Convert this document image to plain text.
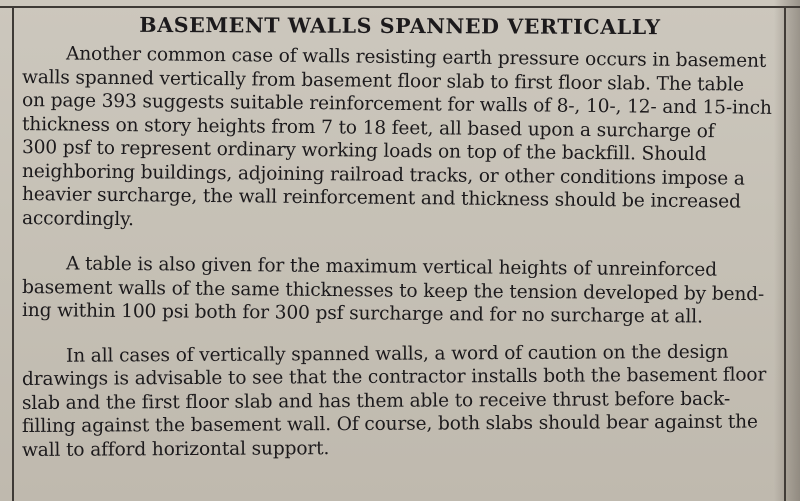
BASEMENT WALLS SPANNED VERTICALLY
Another common case of walls resisting earth pressure occurs in basement
walls spanned vertically from basement floor slab to first floor slab. The table
on page 393 suggests suitable reinforcement for walls of 8-, 10-, 12- and 15-inch
thickness on story heights from 7 to 18 feet, all based upon a surcharge of
300 psf to represent ordinary working loads on top of the backfill. Should
neighboring buildings, adjoining railroad tracks, or other conditions impose a
heavier surcharge, the wall reinforcement and thickness should be increased
accordingly.
A table is also given for the maximum vertical heights of unreinforced
basement walls of the same thicknesses to keep the tension developed by bend-
ing within 100 psi both for 300 psf surcharge and for no surcharge at all.
In all cases of vertically spanned walls, a word of caution on the design
drawings is advisable to see that the contractor installs both the basement floor
slab and the first floor slab and has them able to receive thrust before back-
filling against the basement wall. Of course, both slabs should bear against the
wall to afford horizontal support.
